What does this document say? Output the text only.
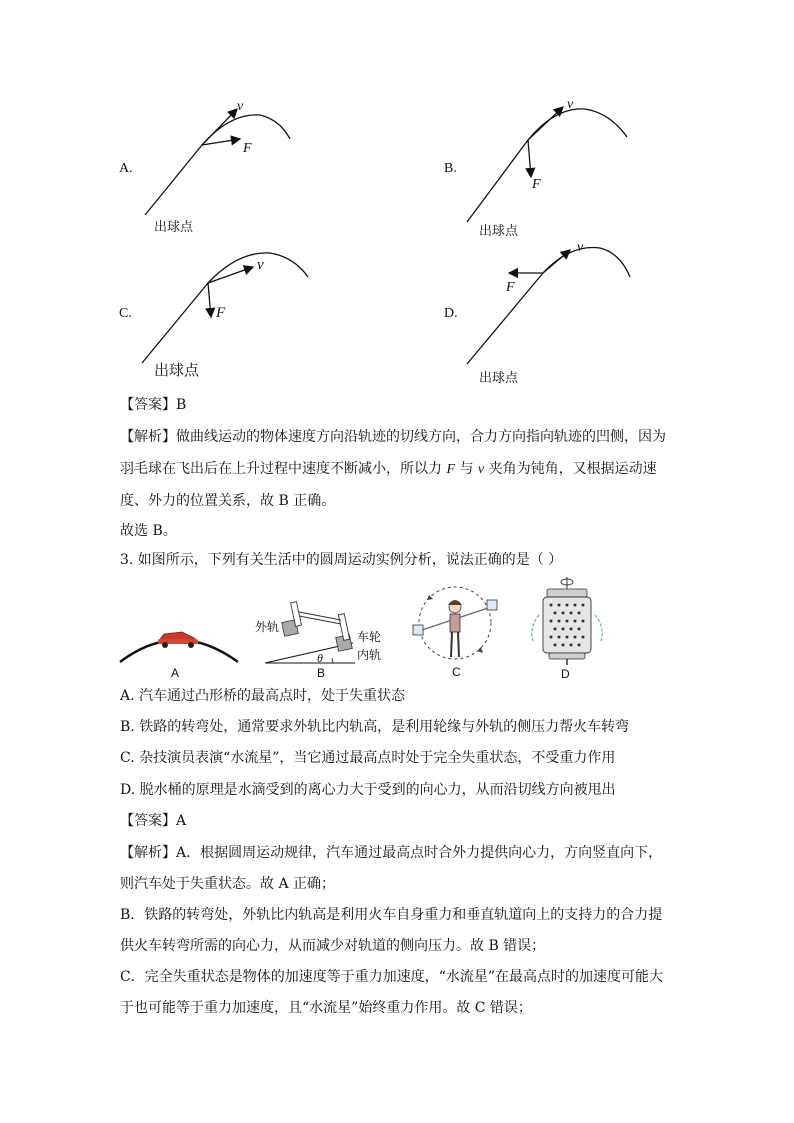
v
F
出球点
A.
v
F
出球点
B.
v
F
出球点
C.
v
F
出球点
D.
【答案】B
【解析】做曲线运动的物体速度方向沿轨迹的切线方向，合力方向指向轨迹的凹侧，因为
羽毛球在飞出后在上升过程中速度不断减小，所以力 F 与 v 夹角为钝角，又根据运动速
度、外力的位置关系，故 B 正确。
故选 B。
3. 如图所示，下列有关生活中的圆周运动实例分析，说法正确的是（ ）
A
外轨
车轮
内轨
θ
B	C	D
A. 汽车通过凸形桥的最高点时，处于失重状态
B. 铁路的转弯处，通常要求外轨比内轨高，是利用轮缘与外轨的侧压力帮火车转弯
C. 杂技演员表演“水流星”，当它通过最高点时处于完全失重状态，不受重力作用
D. 脱水桶的原理是水滴受到的离心力大于受到的向心力，从而沿切线方向被甩出
【答案】A
【解析】A．根据圆周运动规律，汽车通过最高点时合外力提供向心力，方向竖直向下，
则汽车处于失重状态。故 A 正确；
B．铁路的转弯处，外轨比内轨高是利用火车自身重力和垂直轨道向上的支持力的合力提
供火车转弯所需的向心力，从而减少对轨道的侧向压力。故 B 错误；
C．完全失重状态是物体的加速度等于重力加速度，“水流星”在最高点时的加速度可能大
于也可能等于重力加速度，且“水流星”始终重力作用。故 C 错误；
